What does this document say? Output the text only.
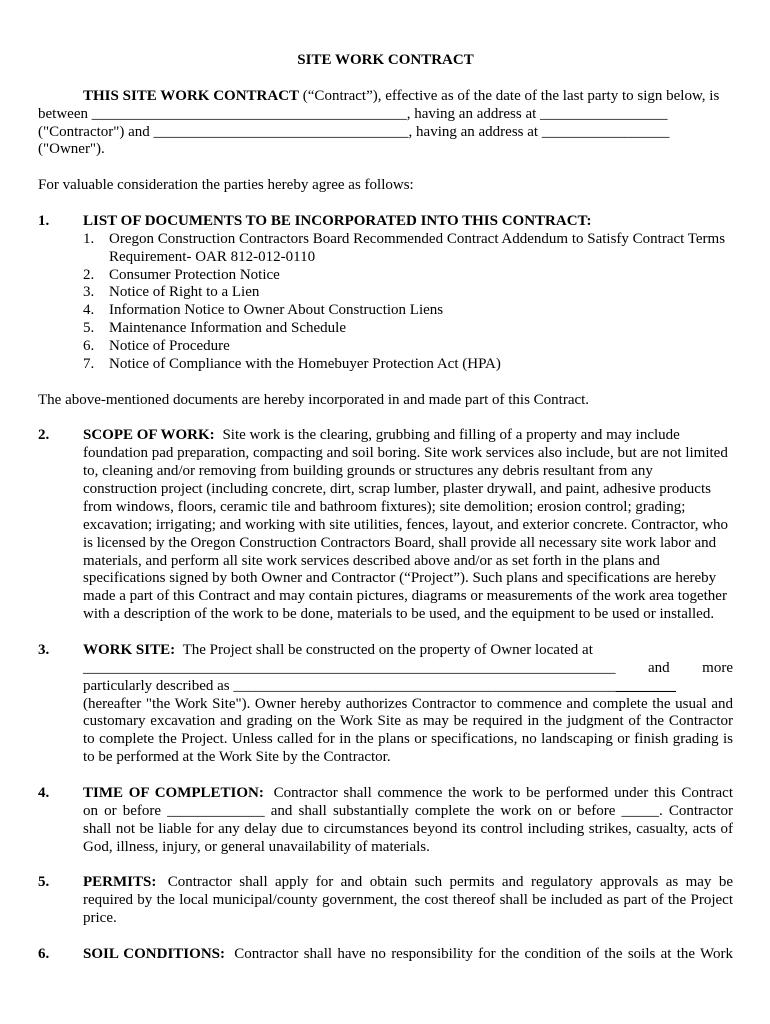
SITE WORK CONTRACT
THIS SITE WORK CONTRACT (“Contract”), effective as of the date of the last party to sign below, is
between __________________________________________, having an address at _________________
("Contractor") and __________________________________, having an address at _________________
("Owner").
For valuable consideration the parties hereby agree as follows:
1. LIST OF DOCUMENTS TO BE INCORPORATED INTO THIS CONTRACT:
1. Oregon Construction Contractors Board Recommended Contract Addendum to Satisfy Contract Terms
Requirement- OAR 812-012-0110
2. Consumer Protection Notice
3. Notice of Right to a Lien
4. Information Notice to Owner About Construction Liens
5. Maintenance Information and Schedule
6. Notice of Procedure
7. Notice of Compliance with the Homebuyer Protection Act (HPA)
The above-mentioned documents are hereby incorporated in and made part of this Contract.
2. SCOPE OF WORK: Site work is the clearing, grubbing and filling of a property and may include
foundation pad preparation, compacting and soil boring. Site work services also include, but are not limited
to, cleaning and/or removing from building grounds or structures any debris resultant from any
construction project (including concrete, dirt, scrap lumber, plaster drywall, and paint, adhesive products
from windows, floors, ceramic tile and bathroom fixtures); site demolition; erosion control; grading;
excavation; irrigating; and working with site utilities, fences, layout, and exterior concrete. Contractor, who
is licensed by the Oregon Construction Contractors Board, shall provide all necessary site work labor and
materials, and perform all site work services described above and/or as set forth in the plans and
specifications signed by both Owner and Contractor (“Project”). Such plans and specifications are hereby
made a part of this Contract and may contain pictures, diagrams or measurements of the work area together
with a description of the work to be done, materials to be used, and the equipment to be used or installed.
3. WORK SITE: The Project shall be constructed on the property of Owner located at
_______________________________________________________________________ and more
particularly described as ___________________________________________________________
(hereafter "the Work Site"). Owner hereby authorizes Contractor to commence and complete the usual and
customary excavation and grading on the Work Site as may be required in the judgment of the Contractor
to complete the Project. Unless called for in the plans or specifications, no landscaping or finish grading is
to be performed at the Work Site by the Contractor.
4. TIME OF COMPLETION: Contractor shall commence the work to be performed under this Contract
on or before _____________ and shall substantially complete the work on or before _____. Contractor
shall not be liable for any delay due to circumstances beyond its control including strikes, casualty, acts of
God, illness, injury, or general unavailability of materials.
5. PERMITS: Contractor shall apply for and obtain such permits and regulatory approvals as may be
required by the local municipal/county government, the cost thereof shall be included as part of the Project
price.
6. SOIL CONDITIONS: Contractor shall have no responsibility for the condition of the soils at the Work
